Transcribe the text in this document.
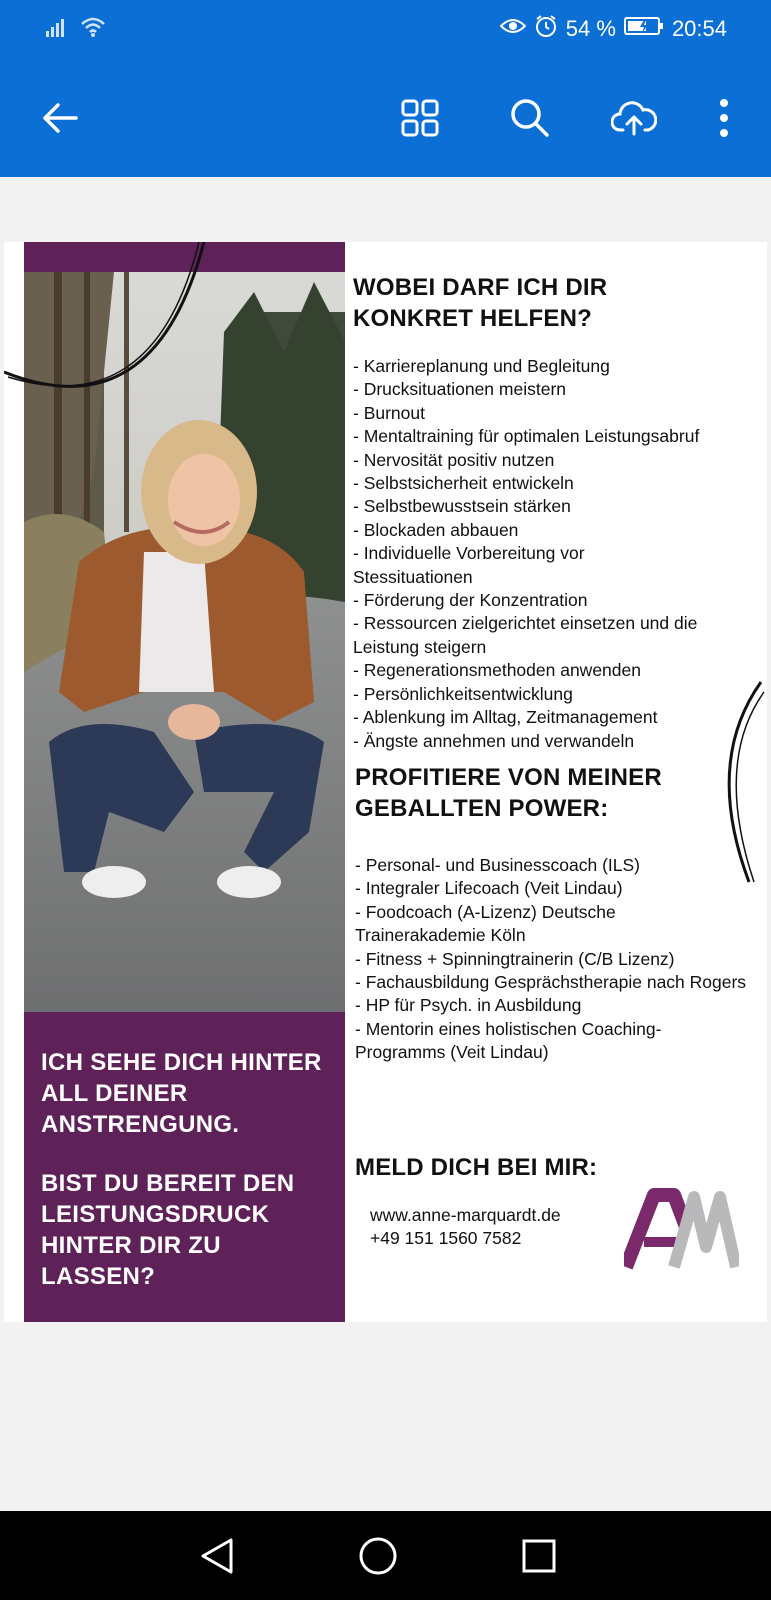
54 %	20:54

ICH SEHE DICH HINTER ALL DEINER ANSTRENGUNG.

BIST DU BEREIT DEN LEISTUNGSDRUCK HINTER DIR ZU LASSEN?

WOBEI DARF ICH DIR KONKRET HELFEN?
- Karriereplanung und Begleitung
- Drucksituationen meistern
- Burnout
- Mentaltraining für optimalen Leistungsabruf
- Nervosität positiv nutzen
- Selbstsicherheit entwickeln
- Selbstbewusstsein stärken
- Blockaden abbauen
- Individuelle Vorbereitung vor Stessituationen
- Förderung der Konzentration
- Ressourcen zielgerichtet einsetzen und die Leistung steigern
- Regenerationsmethoden anwenden
- Persönlichkeitsentwicklung
- Ablenkung im Alltag, Zeitmanagement
- Ängste annehmen und verwandeln
PROFITIERE VON MEINER GEBALLTEN POWER:
- Personal- und Businesscoach (ILS)
- Integraler Lifecoach (Veit Lindau)
- Foodcoach (A-Lizenz) Deutsche Trainerakademie Köln
- Fitness + Spinningtrainerin (C/B Lizenz)
- Fachausbildung Gesprächstherapie nach Rogers
- HP für Psych. in Ausbildung
- Mentorin eines holistischen Coaching-Programms (Veit Lindau)
MELD DICH BEI MIR:
www.anne-marquardt.de
+49 151 1560 7582
